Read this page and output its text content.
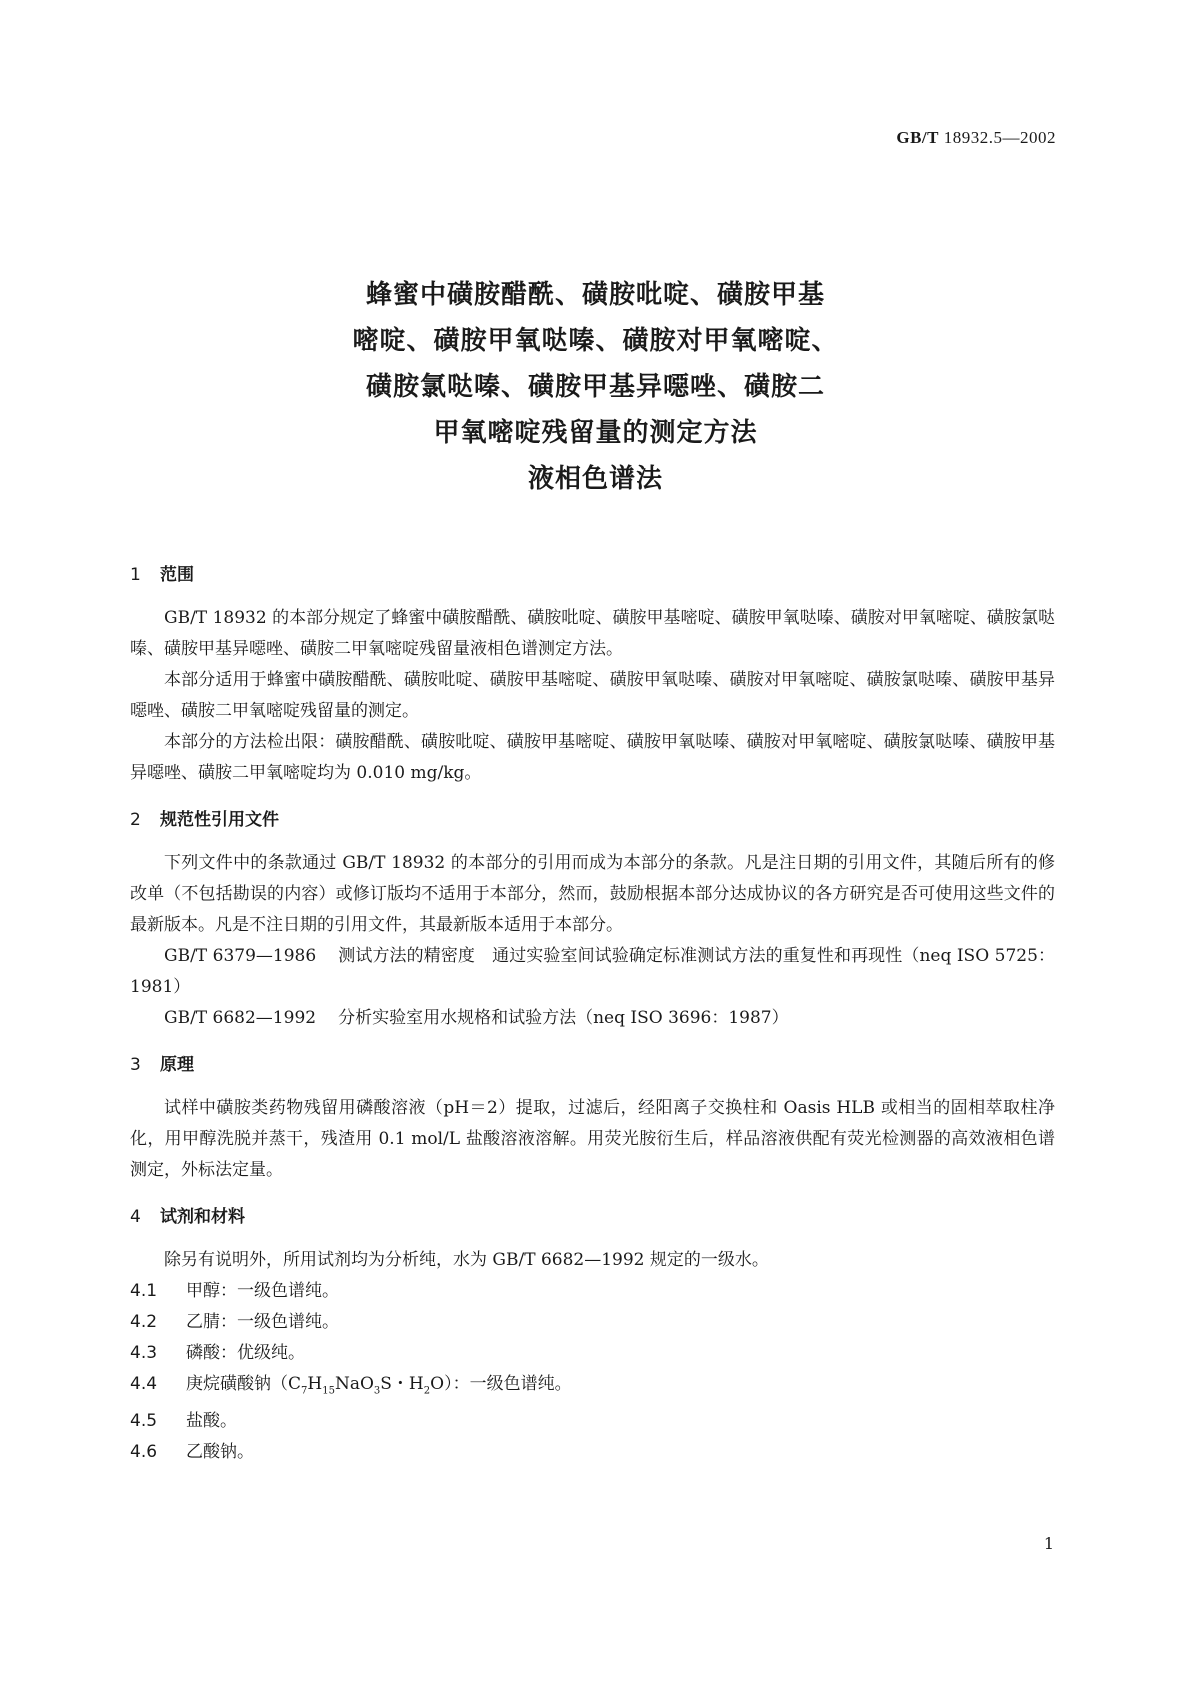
GB/T 18932.5—2002
蜂蜜中磺胺醋酰、磺胺吡啶、磺胺甲基
嘧啶、磺胺甲氧哒嗪、磺胺对甲氧嘧啶、
磺胺氯哒嗪、磺胺甲基异噁唑、磺胺二
甲氧嘧啶残留量的测定方法
液相色谱法
1 范围

GB/T 18932 的本部分规定了蜂蜜中磺胺醋酰、磺胺吡啶、磺胺甲基嘧啶、磺胺甲氧哒嗪、磺胺对甲氧嘧啶、磺胺氯哒嗪、磺胺甲基异噁唑、磺胺二甲氧嘧啶残留量液相色谱测定方法。

本部分适用于蜂蜜中磺胺醋酰、磺胺吡啶、磺胺甲基嘧啶、磺胺甲氧哒嗪、磺胺对甲氧嘧啶、磺胺氯哒嗪、磺胺甲基异噁唑、磺胺二甲氧嘧啶残留量的测定。

本部分的方法检出限：磺胺醋酰、磺胺吡啶、磺胺甲基嘧啶、磺胺甲氧哒嗪、磺胺对甲氧嘧啶、磺胺氯哒嗪、磺胺甲基异噁唑、磺胺二甲氧嘧啶均为 0.010 mg/kg。

2 规范性引用文件

下列文件中的条款通过 GB/T 18932 的本部分的引用而成为本部分的条款。凡是注日期的引用文件，其随后所有的修改单（不包括勘误的内容）或修订版均不适用于本部分，然而，鼓励根据本部分达成协议的各方研究是否可使用这些文件的最新版本。凡是不注日期的引用文件，其最新版本适用于本部分。

GB/T 6379—1986 测试方法的精密度　通过实验室间试验确定标准测试方法的重复性和再现性（neq ISO 5725：1981）

GB/T 6682—1992 分析实验室用水规格和试验方法（neq ISO 3696：1987）

3 原理

试样中磺胺类药物残留用磷酸溶液（pH＝2）提取，过滤后，经阳离子交换柱和 Oasis HLB 或相当的固相萃取柱净化，用甲醇洗脱并蒸干，残渣用 0.1 mol/L 盐酸溶液溶解。用荧光胺衍生后，样品溶液供配有荧光检测器的高效液相色谱测定，外标法定量。

4 试剂和材料

除另有说明外，所用试剂均为分析纯，水为 GB/T 6682—1992 规定的一级水。

4.1 甲醇：一级色谱纯。
4.2 乙腈：一级色谱纯。
4.3 磷酸：优级纯。
4.4 庚烷磺酸钠（$C_7H_{15}NaO_3S$・$H_2O$）：一级色谱纯。
4.5 盐酸。
4.6 乙酸钠。
1
